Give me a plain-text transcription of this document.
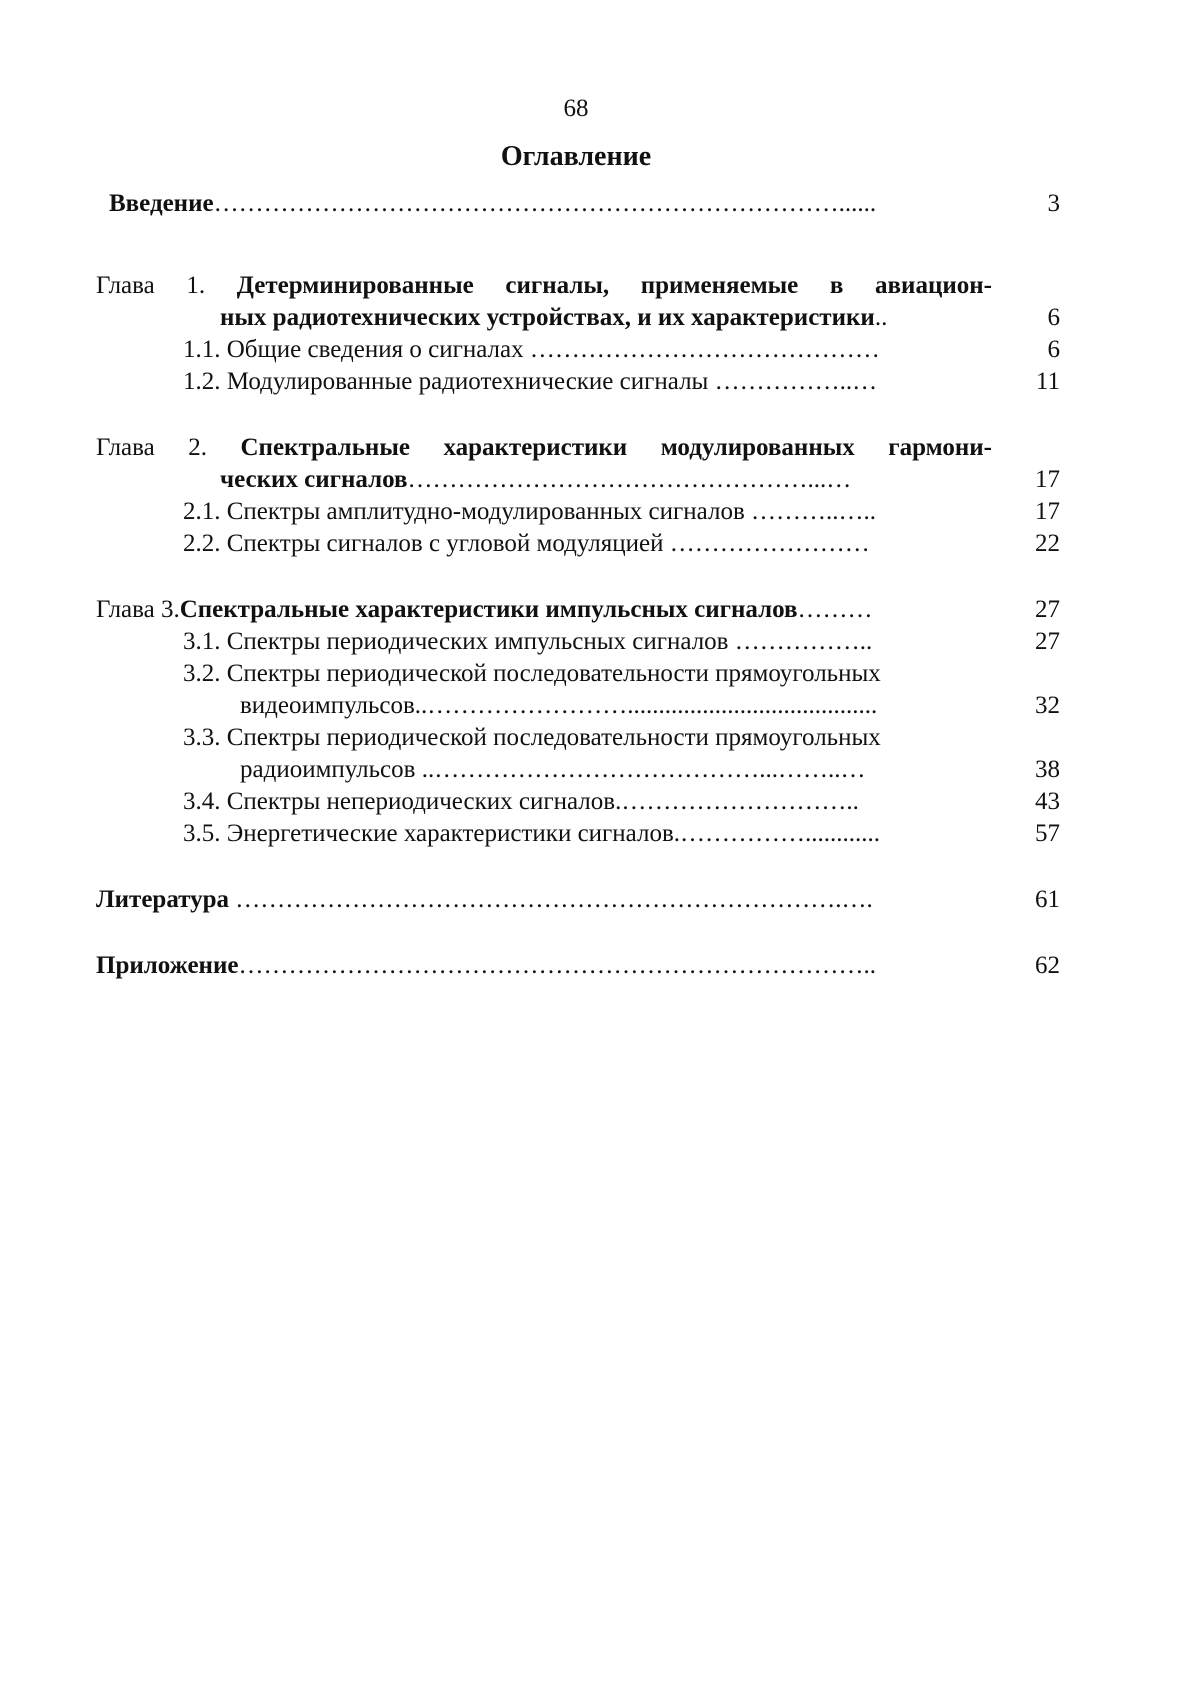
68
Оглавление
Введение…………………………………………………………………......	3
Глава 1. Детерминированные сигналы, применяемые в авиацион-
ных радиотехнических устройствах, и их характеристики..	6
1.1. Общие сведения о сигналах ……………………………………	6
1.2. Модулированные радиотехнические сигналы ……………..…	11
Глава 2. Спектральные характеристики модулированных гармони-
ческих сигналов…………………………………………...…	17
2.1. Спектры амплитудно-модулированных сигналов ………..…..	17
2.2. Спектры сигналов с угловой модуляцией ……………………	22
Глава 3.Спектральные характеристики импульсных сигналов………	27
3.1. Спектры периодических импульсных сигналов ……………..	27
3.2. Спектры периодической последовательности прямоугольных
видеоимпульсов..……………………........................................	32
3.3. Спектры периодической последовательности прямоугольных
радиоимпульсов ..…………………………………...……..…	38
3.4. Спектры непериодических сигналов.………………………..	43
3.5. Энергетические характеристики сигналов.……………............	57
Литература ……………………………………………………………….….	61
Приложение…………………………………………………………………..	62
